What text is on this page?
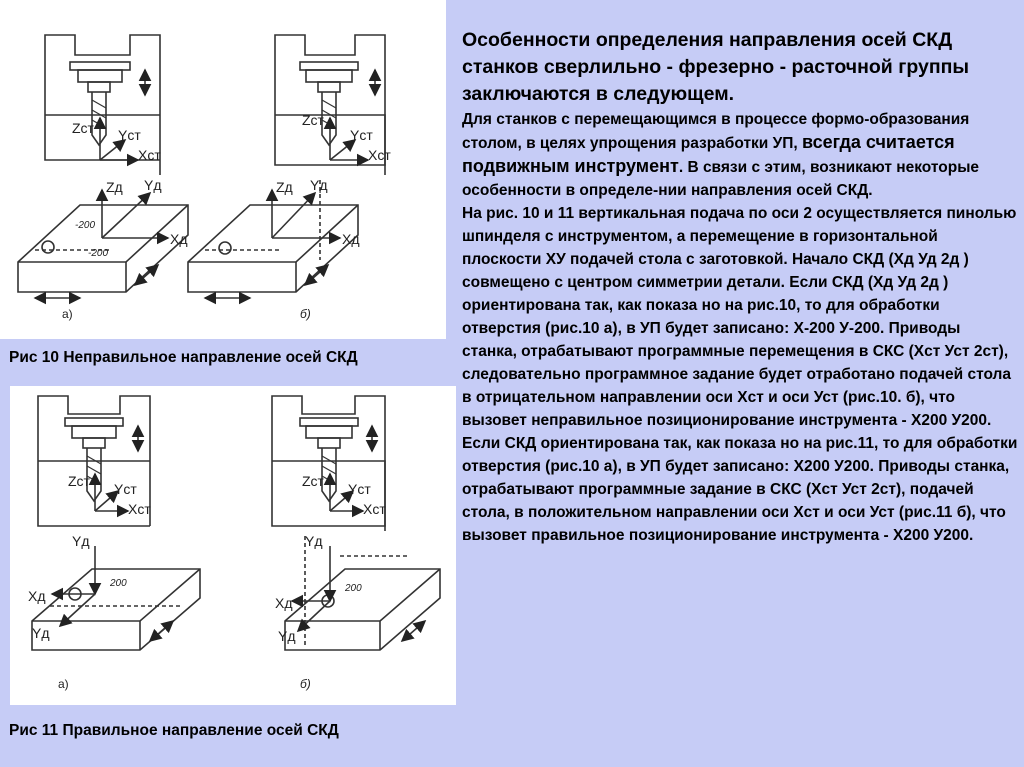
Zст Yст
Xст
Zст
Yст
Xст
Zд Yд
Xд
Zд Yд
Xд
-200
-200
а)	б)
Рис 10 Неправильное направление осей СКД
Zст Yст
Xст
Zст Yст
Xст
Yд	Yд
Xд
Yд
Xд
Yд
200	200
а)	б)
Рис 11 Правильное направление осей СКД

Особенности определения направления осей СКД станков сверлильно - фрезерно - расточной группы заключаются в следующем.

Для станков с перемещающимся в процессе формо-образования столом, в целях упрощения разработки УП, всегда считается подвижным инструмент. В связи с этим, возникают некоторые особенности в определе-нии направления осей СКД.

На рис. 10 и 11 вертикальная подача по оси 2 осуществляется пинолью шпинделя с инструментом, а перемещение в горизонтальной плоскости ХУ подачей стола с заготовкой. Начало СКД (Хд Уд 2д ) совмещено с центром симметрии детали. Если СКД (Хд Уд 2д ) ориентирована так, как показа но на рис.10, то для обработки отверстия (рис.10 а), в УП будет записано: Х-200 У-200. Приводы станка, отрабатывают программные перемещения в СКС (Хст Уст 2ст), следовательно программное задание будет отработано подачей стола в отрицательном направлении оси Хст и оси Уст (рис.10. б), что вызовет неправильное позиционирование инструмента - Х200 У200.

Если СКД ориентирована так, как показа но на рис.11, то для обработки отверстия (рис.10 а), в УП будет записано: Х200 У200. Приводы станка, отрабатывают программные задание в СКС (Хст Уст 2ст), подачей стола, в положительном направлении оси Хст и оси Уст (рис.11 б), что вызовет правильное позиционирование инструмента - Х200 У200.
